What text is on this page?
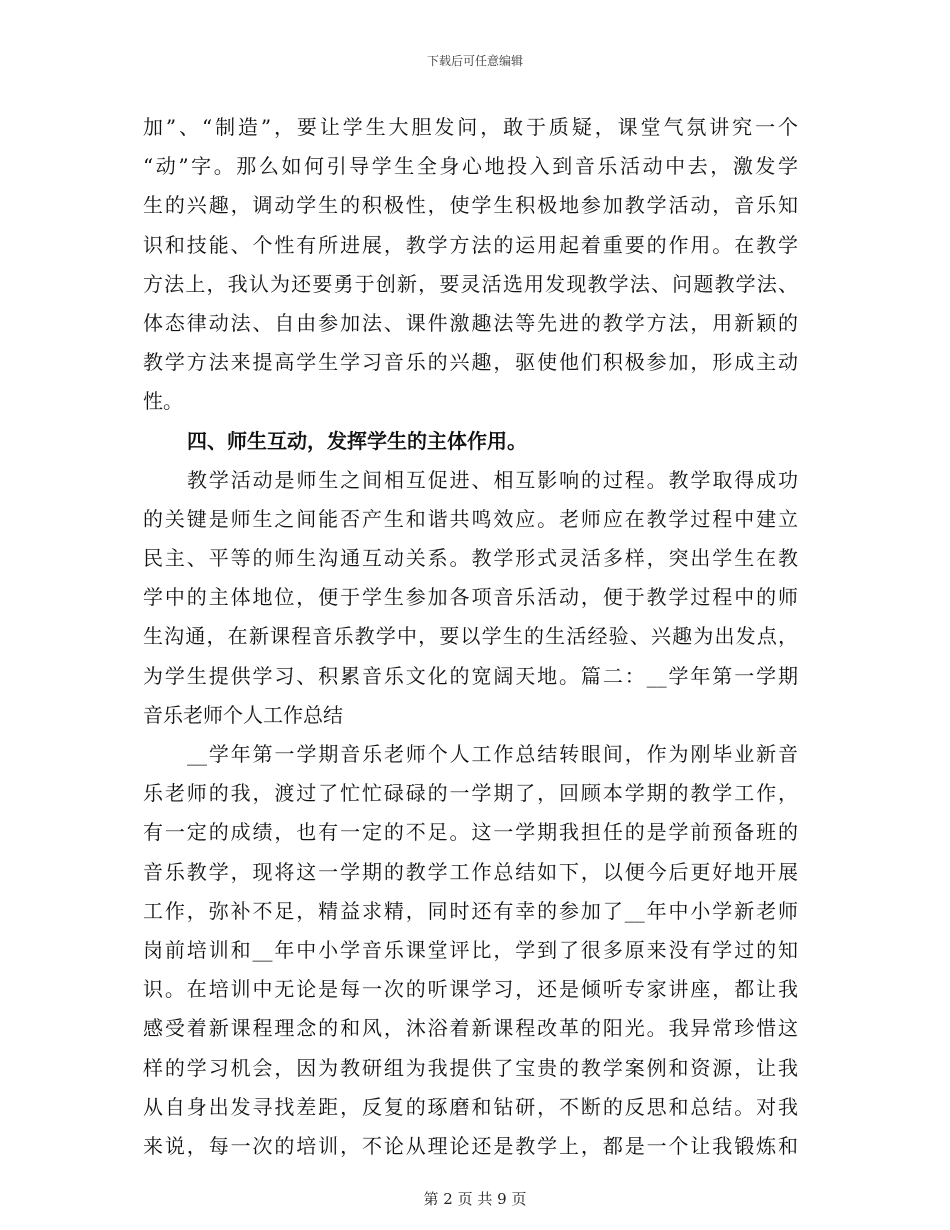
下载后可任意编辑
加”、“制造”，要让学生大胆发问，敢于质疑，课堂气氛讲究一个
“动”字。那么如何引导学生全身心地投入到音乐活动中去，激发学
生的兴趣，调动学生的积极性，使学生积极地参加教学活动，音乐知
识和技能、个性有所进展，教学方法的运用起着重要的作用。在教学
方法上，我认为还要勇于创新，要灵活选用发现教学法、问题教学法、
体态律动法、自由参加法、课件激趣法等先进的教学方法，用新颖的
教学方法来提高学生学习音乐的兴趣，驱使他们积极参加，形成主动
性。
四、师生互动，发挥学生的主体作用。
教学活动是师生之间相互促进、相互影响的过程。教学取得成功
的关键是师生之间能否产生和谐共鸣效应。老师应在教学过程中建立
民主、平等的师生沟通互动关系。教学形式灵活多样，突出学生在教
学中的主体地位，便于学生参加各项音乐活动，便于教学过程中的师
生沟通，在新课程音乐教学中，要以学生的生活经验、兴趣为出发点，
为学生提供学习、积累音乐文化的宽阔天地。篇二：__学年第一学期
音乐老师个人工作总结
__学年第一学期音乐老师个人工作总结转眼间，作为刚毕业新音
乐老师的我，渡过了忙忙碌碌的一学期了，回顾本学期的教学工作，
有一定的成绩，也有一定的不足。这一学期我担任的是学前预备班的
音乐教学，现将这一学期的教学工作总结如下，以便今后更好地开展
工作，弥补不足，精益求精，同时还有幸的参加了__年中小学新老师
岗前培训和__年中小学音乐课堂评比，学到了很多原来没有学过的知
识。在培训中无论是每一次的听课学习，还是倾听专家讲座，都让我
感受着新课程理念的和风，沐浴着新课程改革的阳光。我异常珍惜这
样的学习机会，因为教研组为我提供了宝贵的教学案例和资源，让我
从自身出发寻找差距，反复的琢磨和钻研，不断的反思和总结。对我
来说，每一次的培训，不论从理论还是教学上，都是一个让我锻炼和
第 2 页 共 9 页
